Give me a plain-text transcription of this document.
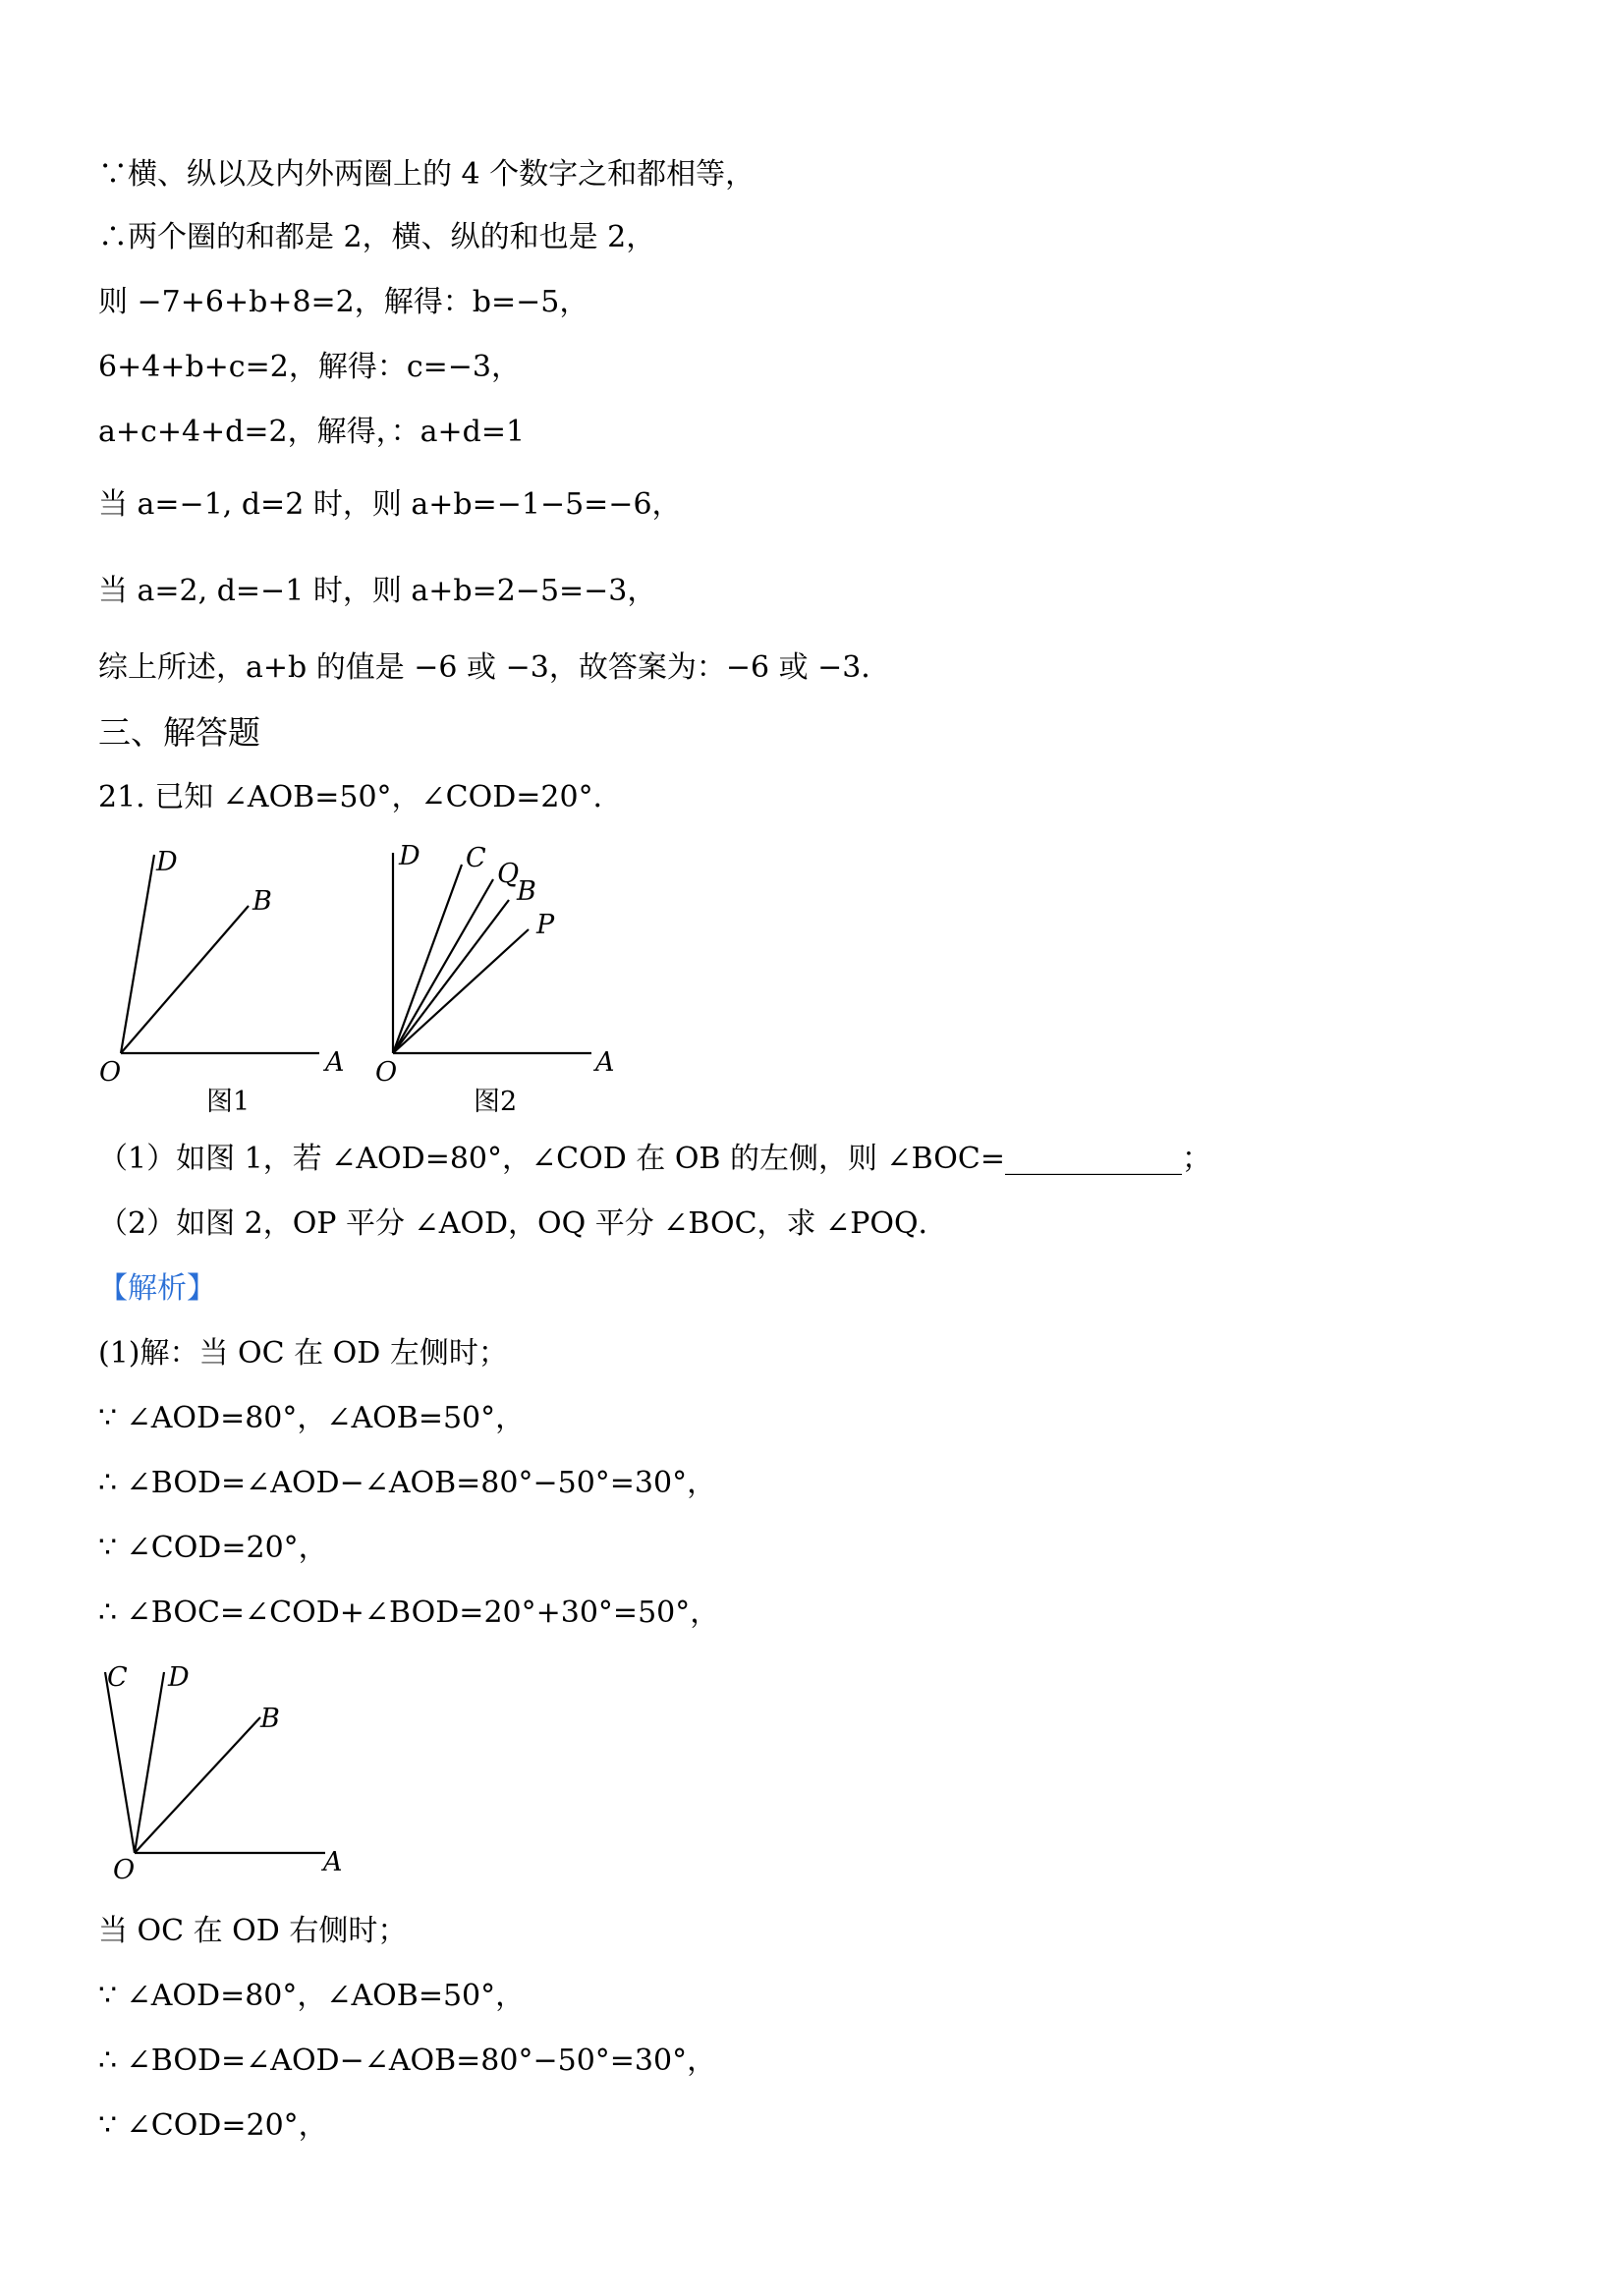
∵横、纵以及内外两圈上的 4 个数字之和都相等，
∴两个圈的和都是 2，横、纵的和也是 2，
则 −7+6+b+8=2，解得：b=−5，
6+4+b+c=2，解得：c=−3，
a+c+4+d=2，解得，：a+d=1
当 a=−1, d=2 时，则 a+b=−1−5=−6，
当 a=2, d=−1 时，则 a+b=2−5=−3，
综上所述，a+b 的值是 −6 或 −3，故答案为：−6 或 −3．
三、解答题
21. 已知 ∠AOB=50°，∠COD=20°．
D
B
O	A
图1
D C
Q
B
P
O	A
图2
（1）如图 1，若 ∠AOD=80°，∠COD 在 OB 的左侧，则 ∠BOC=____________；
（2）如图 2，OP 平分 ∠AOD，OQ 平分 ∠BOC，求 ∠POQ．
【解析】
(1)解：当 OC 在 OD 左侧时；
∵ ∠AOD=80°，∠AOB=50°，
∴ ∠BOD=∠AOD−∠AOB=80°−50°=30°，
∵ ∠COD=20°，
∴ ∠BOC=∠COD+∠BOD=20°+30°=50°，
C D
B
O	A
当 OC 在 OD 右侧时；
∵ ∠AOD=80°，∠AOB=50°，
∴ ∠BOD=∠AOD−∠AOB=80°−50°=30°，
∵ ∠COD=20°，
